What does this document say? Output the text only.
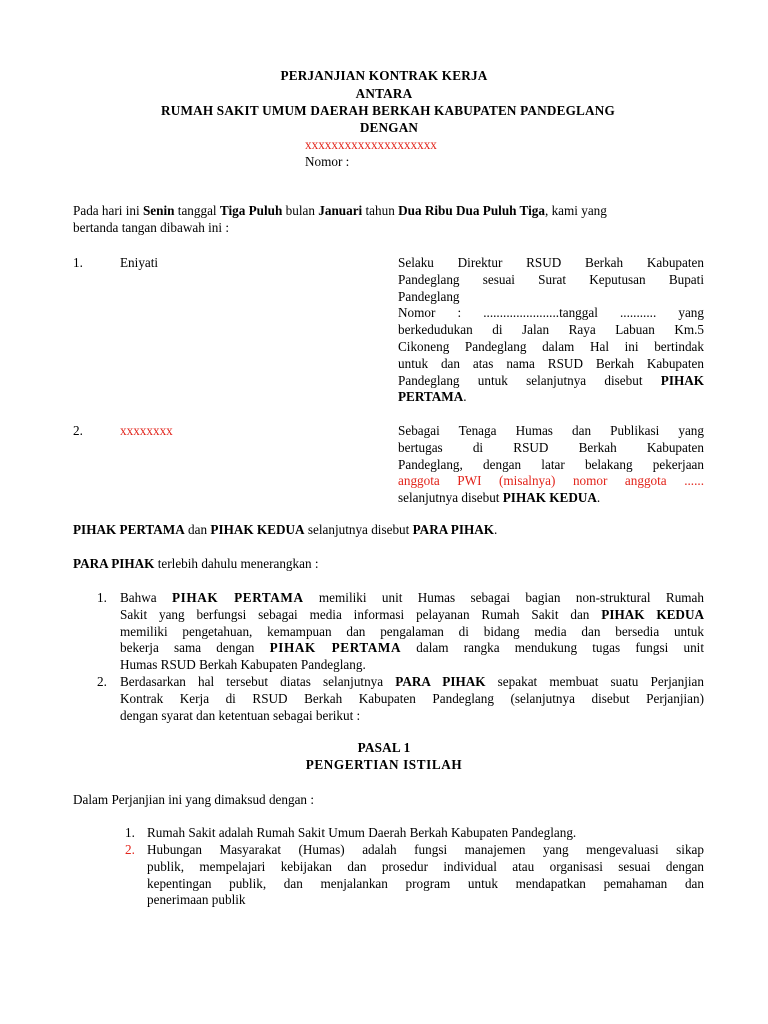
PERJANJIAN KONTRAK KERJA
ANTARA
RUMAH SAKIT UMUM DAERAH BERKAH KABUPATEN PANDEGLANG
DENGAN
xxxxxxxxxxxxxxxxxxxx
Nomor :
Pada hari ini Senin tanggal Tiga Puluh bulan Januari tahun Dua Ribu Dua Puluh Tiga, kami yang
bertanda tangan dibawah ini :
1.	Eniyati	Selaku Direktur RSUD Berkah Kabupaten
Pandeglang sesuai Surat Keputusan Bupati
Pandeglang
Nomor : .......................tanggal ........... yang
berkedudukan di Jalan Raya Labuan Km.5
Cikoneng Pandeglang dalam Hal ini bertindak
untuk dan atas nama RSUD Berkah Kabupaten
Pandeglang untuk selanjutnya disebut PIHAK
PERTAMA.
2.	xxxxxxxx	Sebagai Tenaga Humas dan Publikasi yang
bertugas di RSUD Berkah Kabupaten
Pandeglang, dengan latar belakang pekerjaan
anggota PWI (misalnya) nomor anggota ......
selanjutnya disebut PIHAK KEDUA.
PIHAK PERTAMA dan PIHAK KEDUA selanjutnya disebut PARA PIHAK.
PARA PIHAK terlebih dahulu menerangkan :
1. Bahwa PIHAK PERTAMA memiliki unit Humas sebagai bagian non-struktural Rumah
Sakit yang berfungsi sebagai media informasi pelayanan Rumah Sakit dan PIHAK KEDUA
memiliki pengetahuan, kemampuan dan pengalaman di bidang media dan bersedia untuk
bekerja sama dengan PIHAK PERTAMA dalam rangka mendukung tugas fungsi unit
Humas RSUD Berkah Kabupaten Pandeglang.
2. Berdasarkan hal tersebut diatas selanjutnya PARA PIHAK sepakat membuat suatu Perjanjian
Kontrak Kerja di RSUD Berkah Kabupaten Pandeglang (selanjutnya disebut Perjanjian)
dengan syarat dan ketentuan sebagai berikut :
PASAL 1
PENGERTIAN ISTILAH
Dalam Perjanjian ini yang dimaksud dengan :
1. Rumah Sakit adalah Rumah Sakit Umum Daerah Berkah Kabupaten Pandeglang.
2. Hubungan Masyarakat (Humas) adalah fungsi manajemen yang mengevaluasi sikap
publik, mempelajari kebijakan dan prosedur individual atau organisasi sesuai dengan
kepentingan publik, dan menjalankan program untuk mendapatkan pemahaman dan
penerimaan publik
